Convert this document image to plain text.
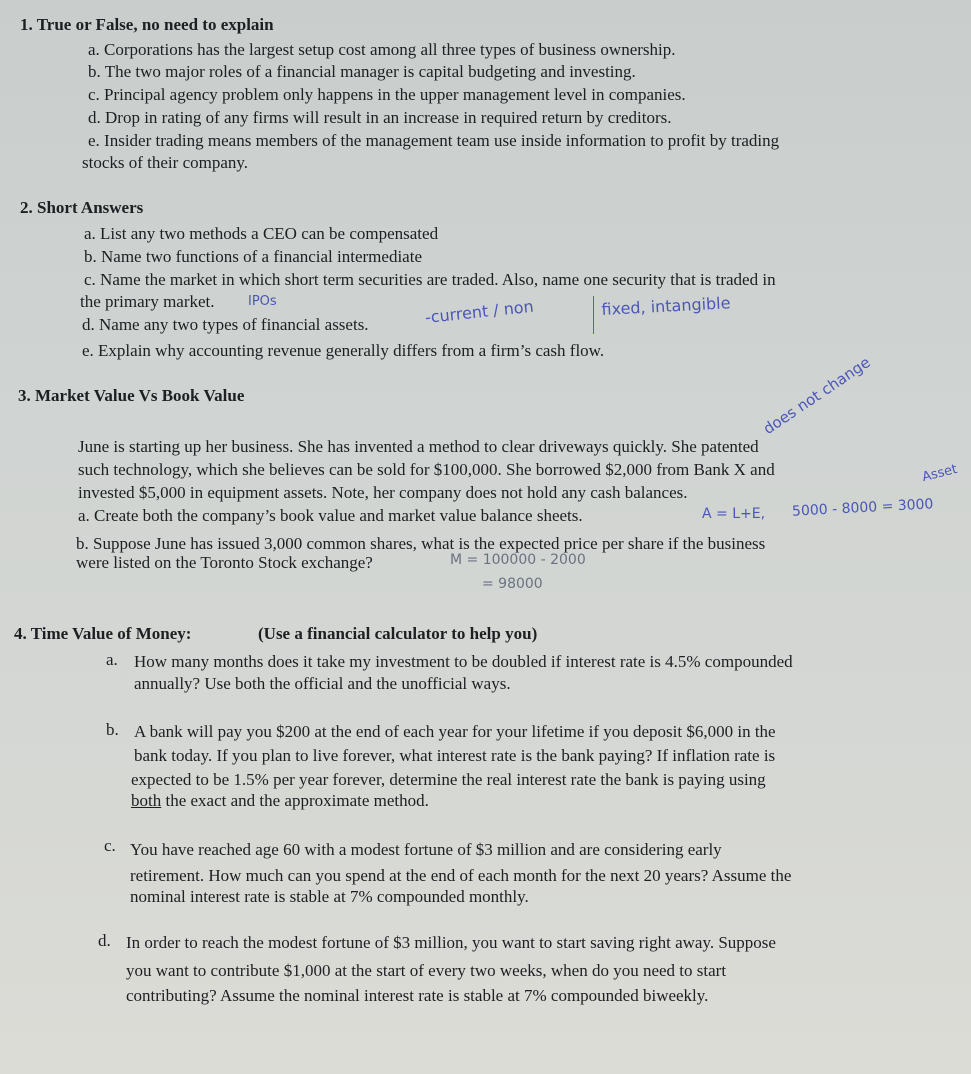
1. True or False, no need to explain
a. Corporations has the largest setup cost among all three types of business ownership.
b. The two major roles of a financial manager is capital budgeting and investing.
c. Principal agency problem only happens in the upper management level in companies.
d. Drop in rating of any firms will result in an increase in required return by creditors.
e. Insider trading means members of the management team use inside information to profit by trading
stocks of their company.
2. Short Answers
a. List any two methods a CEO can be compensated
b. Name two functions of a financial intermediate
c. Name the market in which short term securities are traded. Also, name one security that is traded in
the primary market.	IPOs
d. Name any two types of financial assets.	-current / non	fixed, intangible
e. Explain why accounting revenue generally differs from a firm’s cash flow.
3. Market Value Vs Book Value	does not change
June is starting up her business. She has invented a method to clear driveways quickly. She patented
such technology, which she believes can be sold for $100,000. She borrowed $2,000 from Bank X and	Asset
invested $5,000 in equipment assets. Note, her company does not hold any cash balances.
a. Create both the company’s book value and market value balance sheets.	A = L+E, 5000 - 8000 = 3000
b. Suppose June has issued 3,000 common shares, what is the expected price per share if the business
were listed on the Toronto Stock exchange?	M = 100000 - 2000
= 98000
4. Time Value of Money:	(Use a financial calculator to help you)
a. How many months does it take my investment to be doubled if interest rate is 4.5% compounded
annually? Use both the official and the unofficial ways.
b. A bank will pay you $200 at the end of each year for your lifetime if you deposit $6,000 in the
bank today. If you plan to live forever, what interest rate is the bank paying? If inflation rate is
expected to be 1.5% per year forever, determine the real interest rate the bank is paying using
both the exact and the approximate method.
c. You have reached age 60 with a modest fortune of $3 million and are considering early
retirement. How much can you spend at the end of each month for the next 20 years? Assume the
nominal interest rate is stable at 7% compounded monthly.
d. In order to reach the modest fortune of $3 million, you want to start saving right away. Suppose
you want to contribute $1,000 at the start of every two weeks, when do you need to start
contributing? Assume the nominal interest rate is stable at 7% compounded biweekly.
